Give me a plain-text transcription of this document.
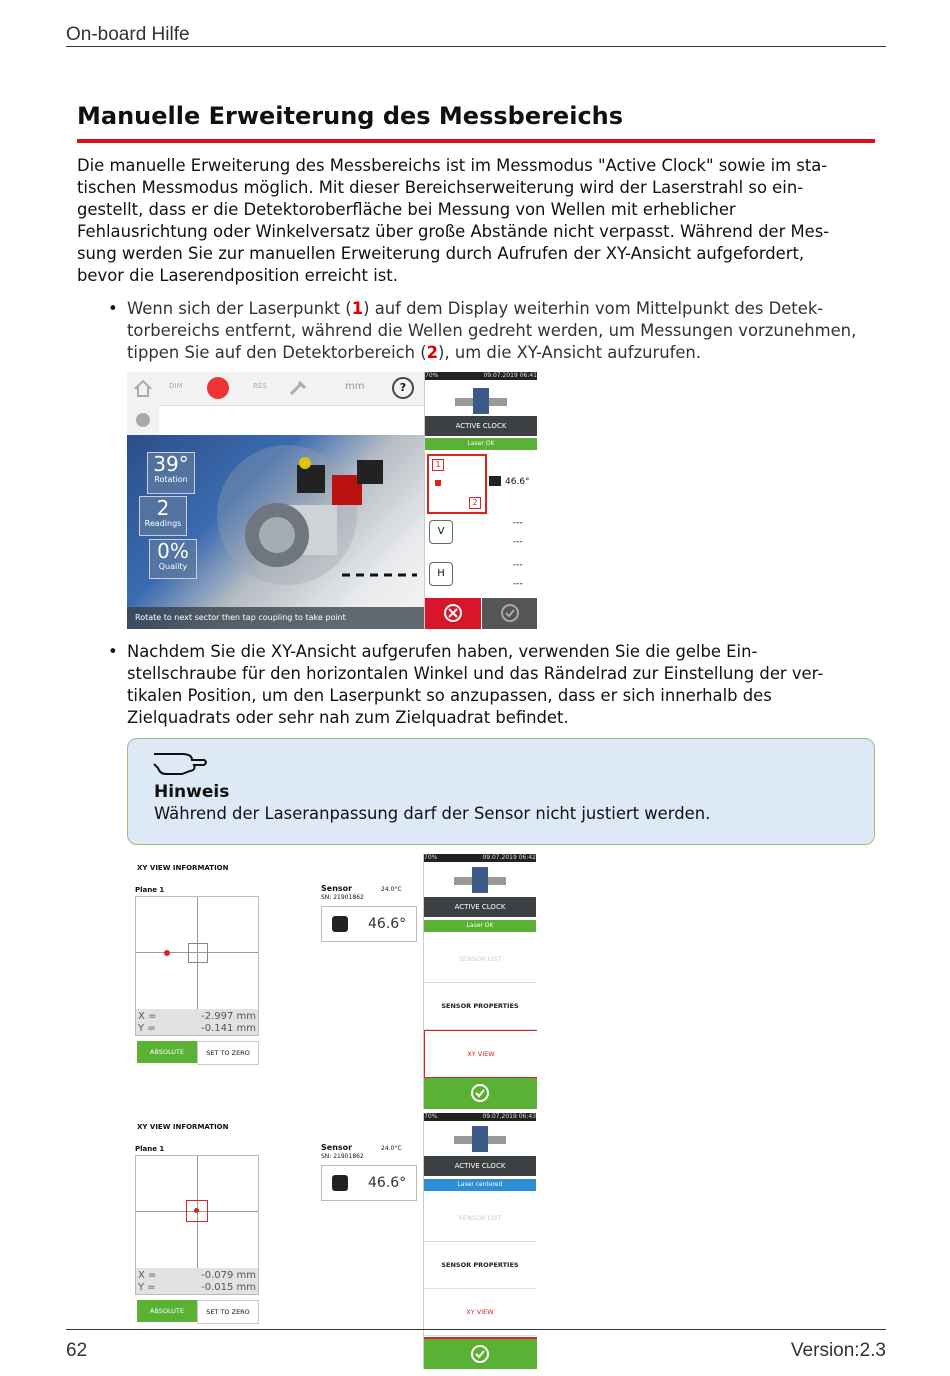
On-board Hilfe
Manuelle Erweiterung des Messbereichs
Die manuelle Erweiterung des Messbereichs ist im Messmodus "Active Clock" sowie im sta-
tischen Messmodus möglich. Mit dieser Bereichserweiterung wird der Laserstrahl so ein-
gestellt, dass er die Detektoroberfläche bei Messung von Wellen mit erheblicher
Fehlausrichtung oder Winkelversatz über große Abstände nicht verpasst. Während der Mes-
sung werden Sie zur manuellen Erweiterung durch Aufrufen der XY-Ansicht aufgefordert,
bevor die Laserendposition erreicht ist.
• Wenn sich der Laserpunkt (1) auf dem Display weiterhin vom Mittelpunkt des Detek-
torbereichs entfernt, während die Wellen gedreht werden, um Messungen vorzunehmen,
tippen Sie auf den Detektorbereich (2), um die XY-Ansicht aufzurufen.
DIM	RES	mm	?
39°
Rotation
2
Readings
0%
Quality
Rotate to next sector then tap coupling to take point
70%	09.07.2019 06:41
ACTIVE CLOCK
Laser OK
1
2
46.6°
V
---
---
H
---
---
• Nachdem Sie die XY-Ansicht aufgerufen haben, verwenden Sie die gelbe Ein-
stellschraube für den horizontalen Winkel und das Rändelrad zur Einstellung der ver-
tikalen Position, um den Laserpunkt so anzupassen, dass er sich innerhalb des
Zielquadrats oder sehr nah zum Zielquadrat befindet.
Hinweis
Während der Laseranpassung darf der Sensor nicht justiert werden.
XY VIEW INFORMATION
Plane 1
X =	-2.997 mm
Y =	-0.141 mm
ABSOLUTE	SET TO ZERO
Sensor
SN: 21901862
24.0°C
46.6°
70%	09.07.2019 06:42
ACTIVE CLOCK
Laser OK
SENSOR LIST
SENSOR PROPERTIES
XY VIEW
XY VIEW INFORMATION
Plane 1
X =	-0.079 mm
Y =	-0.015 mm
ABSOLUTE	SET TO ZERO
Sensor
SN: 21901862
24.0°C
46.6°
70%	09.07.2019 06:43
ACTIVE CLOCK
Laser centered
SENSOR LIST
SENSOR PROPERTIES
XY VIEW
62	Version:2.3
